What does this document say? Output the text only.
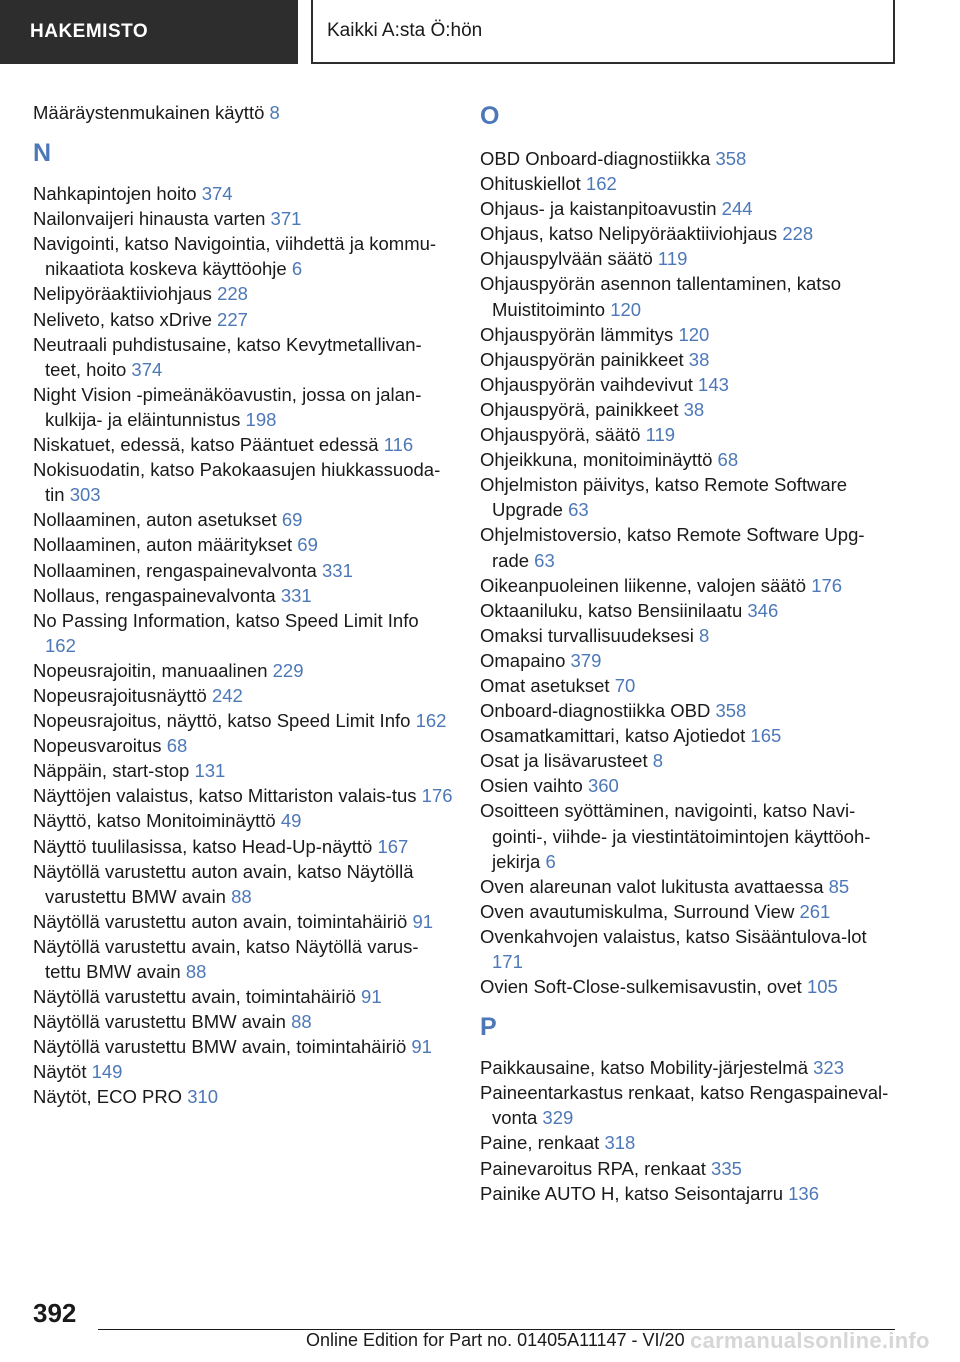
HAKEMISTO	Kaikki A:sta Ö:hön
Määräystenmukainen käyttö 8
N
Nahkapintojen hoito 374
Nailonvaijeri hinausta varten 371
Navigointi, katso Navigointia, viihdettä ja kommu‐nikaatiota koskeva käyttöohje 6
Nelipyöräaktiiviohjaus 228
Neliveto, katso xDrive 227
Neutraali puhdistusaine, katso Kevytmetallivan‐teet, hoito 374
Night Vision -pimeänäköavustin, jossa on jalan‐kulkija- ja eläintunnistus 198
Niskatuet, edessä, katso Pääntuet edessä 116
Nokisuodatin, katso Pakokaasujen hiukkassuoda‐tin 303
Nollaaminen, auton asetukset 69
Nollaaminen, auton määritykset 69
Nollaaminen, rengaspainevalvonta 331
Nollaus, rengaspainevalvonta 331
No Passing Information, katso Speed Limit Info 162
Nopeusrajoitin, manuaalinen 229
Nopeusrajoitusnäyttö 242
Nopeusrajoitus, näyttö, katso Speed Limit Info 162
Nopeusvaroitus 68
Näppäin, start-stop 131
Näyttöjen valaistus, katso Mittariston valais‐tus 176
Näyttö, katso Monitoiminäyttö 49
Näyttö tuulilasissa, katso Head-Up-näyttö 167
Näytöllä varustettu auton avain, katso Näytöllä varustettu BMW avain 88
Näytöllä varustettu auton avain, toimintahäiriö 91
Näytöllä varustettu avain, katso Näytöllä varus‐tettu BMW avain 88
Näytöllä varustettu avain, toimintahäiriö 91
Näytöllä varustettu BMW avain 88
Näytöllä varustettu BMW avain, toimintahäiriö 91
Näytöt 149
Näytöt, ECO PRO 310
O
OBD Onboard-diagnostiikka 358
Ohituskiellot 162
Ohjaus- ja kaistanpitoavustin 244
Ohjaus, katso Nelipyöräaktiiviohjaus 228
Ohjauspylvään säätö 119
Ohjauspyörän asennon tallentaminen, katso Muistitoiminto 120
Ohjauspyörän lämmitys 120
Ohjauspyörän painikkeet 38
Ohjauspyörän vaihdevivut 143
Ohjauspyörä, painikkeet 38
Ohjauspyörä, säätö 119
Ohjeikkuna, monitoiminäyttö 68
Ohjelmiston päivitys, katso Remote Software Upgrade 63
Ohjelmistoversio, katso Remote Software Upg‐rade 63
Oikeanpuoleinen liikenne, valojen säätö 176
Oktaaniluku, katso Bensiinilaatu 346
Omaksi turvallisuudeksesi 8
Omapaino 379
Omat asetukset 70
Onboard-diagnostiikka OBD 358
Osamatkamittari, katso Ajotiedot 165
Osat ja lisävarusteet 8
Osien vaihto 360
Osoitteen syöttäminen, navigointi, katso Navi‐gointi-, viihde- ja viestintätoimintojen käyttöoh‐jekirja 6
Oven alareunan valot lukitusta avattaessa 85
Oven avautumiskulma, Surround View 261
Ovenkahvojen valaistus, katso Sisääntulova‐lot 171
Ovien Soft-Close-sulkemisavustin, ovet 105
P
Paikkausaine, katso Mobility-järjestelmä 323
Paineentarkastus renkaat, katso Rengaspaineval‐vonta 329
Paine, renkaat 318
Painevaroitus RPA, renkaat 335
Painike AUTO H, katso Seisontajarru 136
392
Online Edition for Part no. 01405A11147 - VI/20 carmanualsonline.info
